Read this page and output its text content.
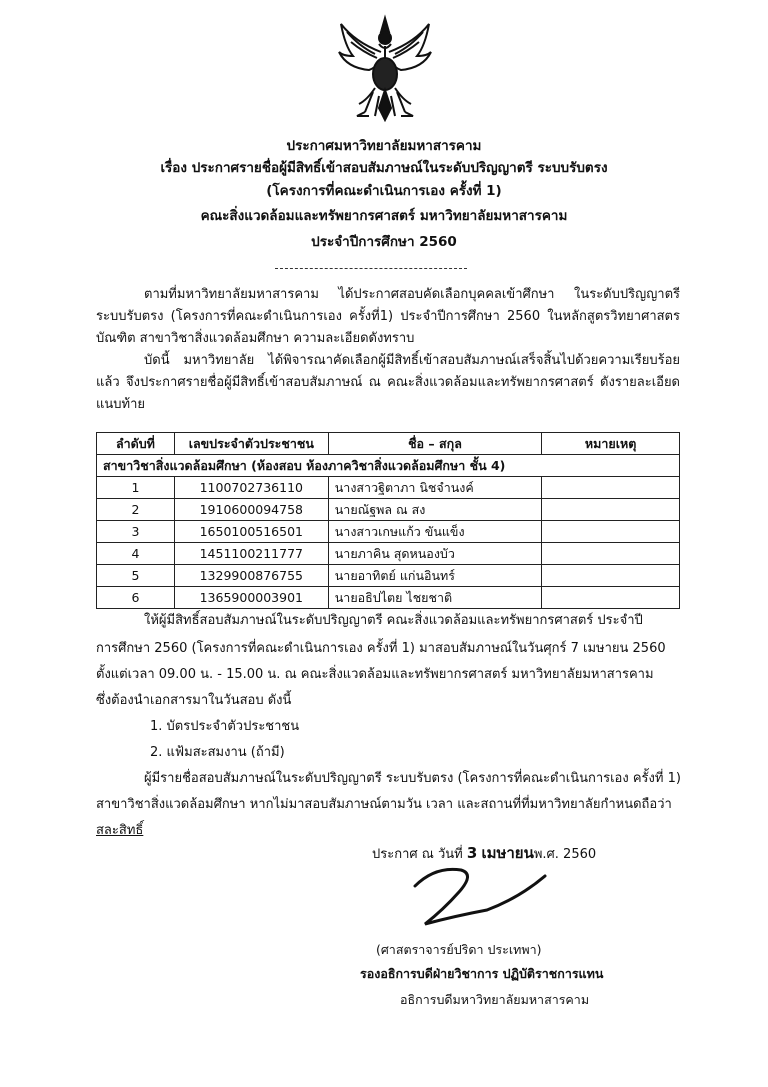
ประกาศมหาวิทยาลัยมหาสารคาม
เรื่อง ประกาศรายชื่อผู้มีสิทธิ์เข้าสอบสัมภาษณ์ในระดับปริญญาตรี ระบบรับตรง
(โครงการที่คณะดำเนินการเอง ครั้งที่ 1)
คณะสิ่งแวดล้อมและทรัพยากรศาสตร์ มหาวิทยาลัยมหาสารคาม
ประจำปีการศึกษา 2560
ตามที่มหาวิทยาลัยมหาสารคาม ได้ประกาศสอบคัดเลือกบุคคลเข้าศึกษา ในระดับปริญญาตรี ระบบรับตรง (โครงการที่คณะดำเนินการเอง ครั้งที่1) ประจำปีการศึกษา 2560 ในหลักสูตรวิทยาศาสตรบัณฑิต สาขาวิชาสิ่งแวดล้อมศึกษา ความละเอียดดังทราบ
บัดนี้ มหาวิทยาลัย ได้พิจารณาคัดเลือกผู้มีสิทธิ์เข้าสอบสัมภาษณ์เสร็จสิ้นไปด้วยความเรียบร้อยแล้ว จึงประกาศรายชื่อผู้มีสิทธิ์เข้าสอบสัมภาษณ์ ณ คณะสิ่งแวดล้อมและทรัพยากรศาสตร์ ดังรายละเอียดแนบท้าย
ลำดับที่	เลขประจำตัวประชาชน	ชื่อ – สกุล	หมายเหตุ
สาขาวิชาสิ่งแวดล้อมศึกษา (ห้องสอบ ห้องภาควิชาสิ่งแวดล้อมศึกษา ชั้น 4)			
1	1100702736110	นางสาวฐิตาภา นิชจำนงค์	
2	1910600094758	นายณัฐพล ณ สง	
3	1650100516501	นางสาวเกษแก้ว ขันแข็ง	
4	1451100211777	นายภาคิน สุดหนองบัว	
5	1329900876755	นายอาทิตย์ แก่นอินทร์	
6	1365900003901	นายอธิปไตย ไชยชาติ	
ให้ผู้มีสิทธิ์สอบสัมภาษณ์ในระดับปริญญาตรี คณะสิ่งแวดล้อมและทรัพยากรศาสตร์ ประจำปี
การศึกษา 2560 (โครงการที่คณะดำเนินการเอง ครั้งที่ 1) มาสอบสัมภาษณ์ในวันศุกร์ 7 เมษายน 2560
ตั้งแต่เวลา 09.00 น. - 15.00 น. ณ คณะสิ่งแวดล้อมและทรัพยากรศาสตร์ มหาวิทยาลัยมหาสารคาม
ซึ่งต้องนำเอกสารมาในวันสอบ ดังนี้
1. บัตรประจำตัวประชาชน
2. แฟ้มสะสมงาน (ถ้ามี)
ผู้มีรายชื่อสอบสัมภาษณ์ในระดับปริญญาตรี ระบบรับตรง (โครงการที่คณะดำเนินการเอง ครั้งที่ 1)
สาขาวิชาสิ่งแวดล้อมศึกษา หากไม่มาสอบสัมภาษณ์ตามวัน เวลา และสถานที่ที่มหาวิทยาลัยกำหนดถือว่า
สละสิทธิ์
ประกาศ ณ วันที่ 3 เมษายนพ.ศ. 2560
(ศาสตราจารย์ปริดา ประเทพา)
รองอธิการบดีฝ่ายวิชาการ ปฏิบัติราชการแทน
อธิการบดีมหาวิทยาลัยมหาสารคาม
